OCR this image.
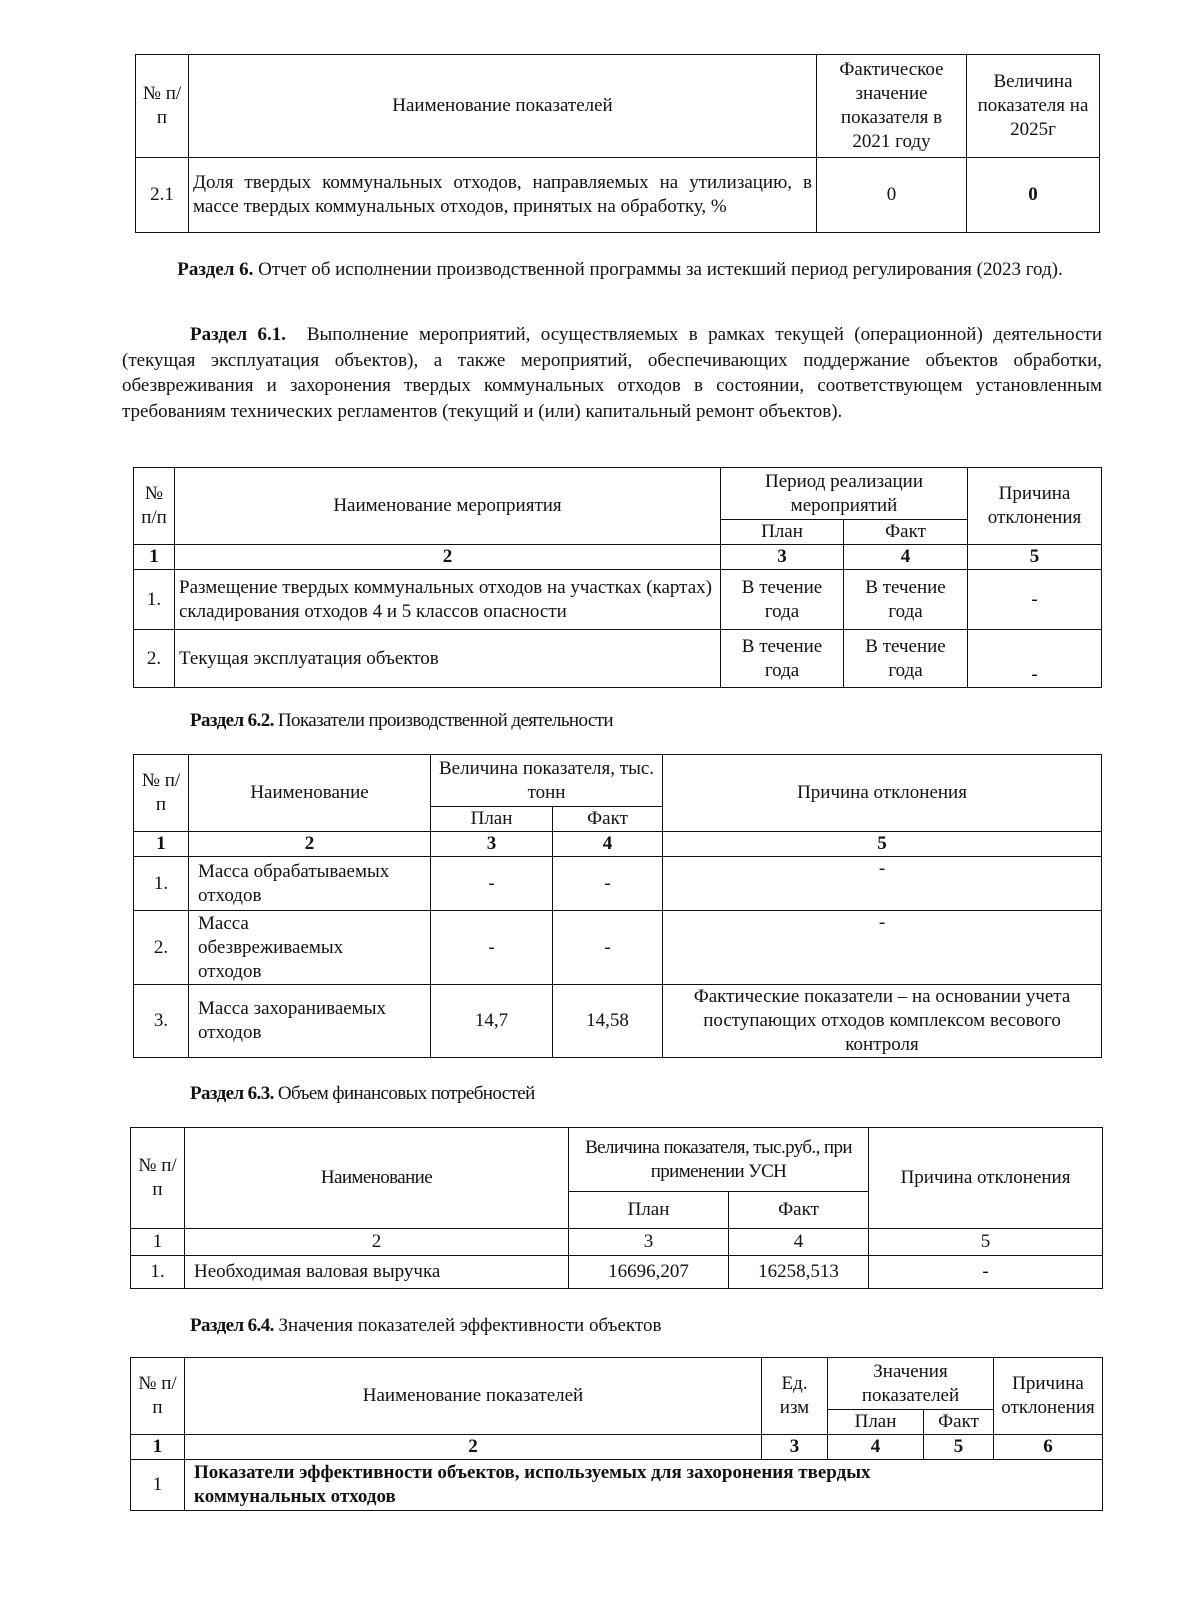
№ п/п	Наименование показателей	Фактическое значение показателя в 2021 году	Величина показателя на 2025г
2.1	Доля твердых коммунальных отходов, направляемых на утилизацию, в массе твердых коммунальных отходов, принятых на обработку, %	0	0
Раздел 6. Отчет об исполнении производственной программы за истекший период регулирования (2023 год).
Раздел 6.1. Выполнение мероприятий, осуществляемых в рамках текущей (операционной) деятельности (текущая эксплуатация объектов), а также мероприятий, обеспечивающих поддержание объектов обработки, обезвреживания и захоронения твердых коммунальных отходов в состоянии, соответствующем установленным требованиям технических регламентов (текущий и (или) капитальный ремонт объектов).
№ п/п	Наименование мероприятия	Период реализации мероприятий		Причина отклонения
		План	Факт	
1	2	3	4	5
1.	Размещение твердых коммунальных отходов на участках (картах) складирования отходов 4 и 5 классов опасности	В течение года	В течение года	-
2.	Текущая эксплуатация объектов	В течение года	В течение года	-
Раздел 6.2. Показатели производственной деятельности
№ п/п	Наименование	Величина показателя, тыс. тонн		Причина отклонения
		План	Факт	
1	2	3	4	5
1.	Масса обрабатываемых отходов	-	-	-
2.	Масса обезвреживаемых отходов	-	-	-
3.	Масса захораниваемых отходов	14,7	14,58	Фактические показатели – на основании учета поступающих отходов комплексом весового контроля
Раздел 6.3. Объем финансовых потребностей
№ п/п	Наименование	Величина показателя, тыс.руб., при применении УСН		Причина отклонения
		План	Факт	
1	2	3	4	5
1.	Необходимая валовая выручка	16696,207	16258,513	-
Раздел 6.4. Значения показателей эффективности объектов
№ п/п	Наименование показателей	Ед. изм	Значения показателей		Причина отклонения
			План	Факт	
1	2	3	4	5	6
1	Показатели эффективности объектов, используемых для захоронения твердых коммунальных отходов				
